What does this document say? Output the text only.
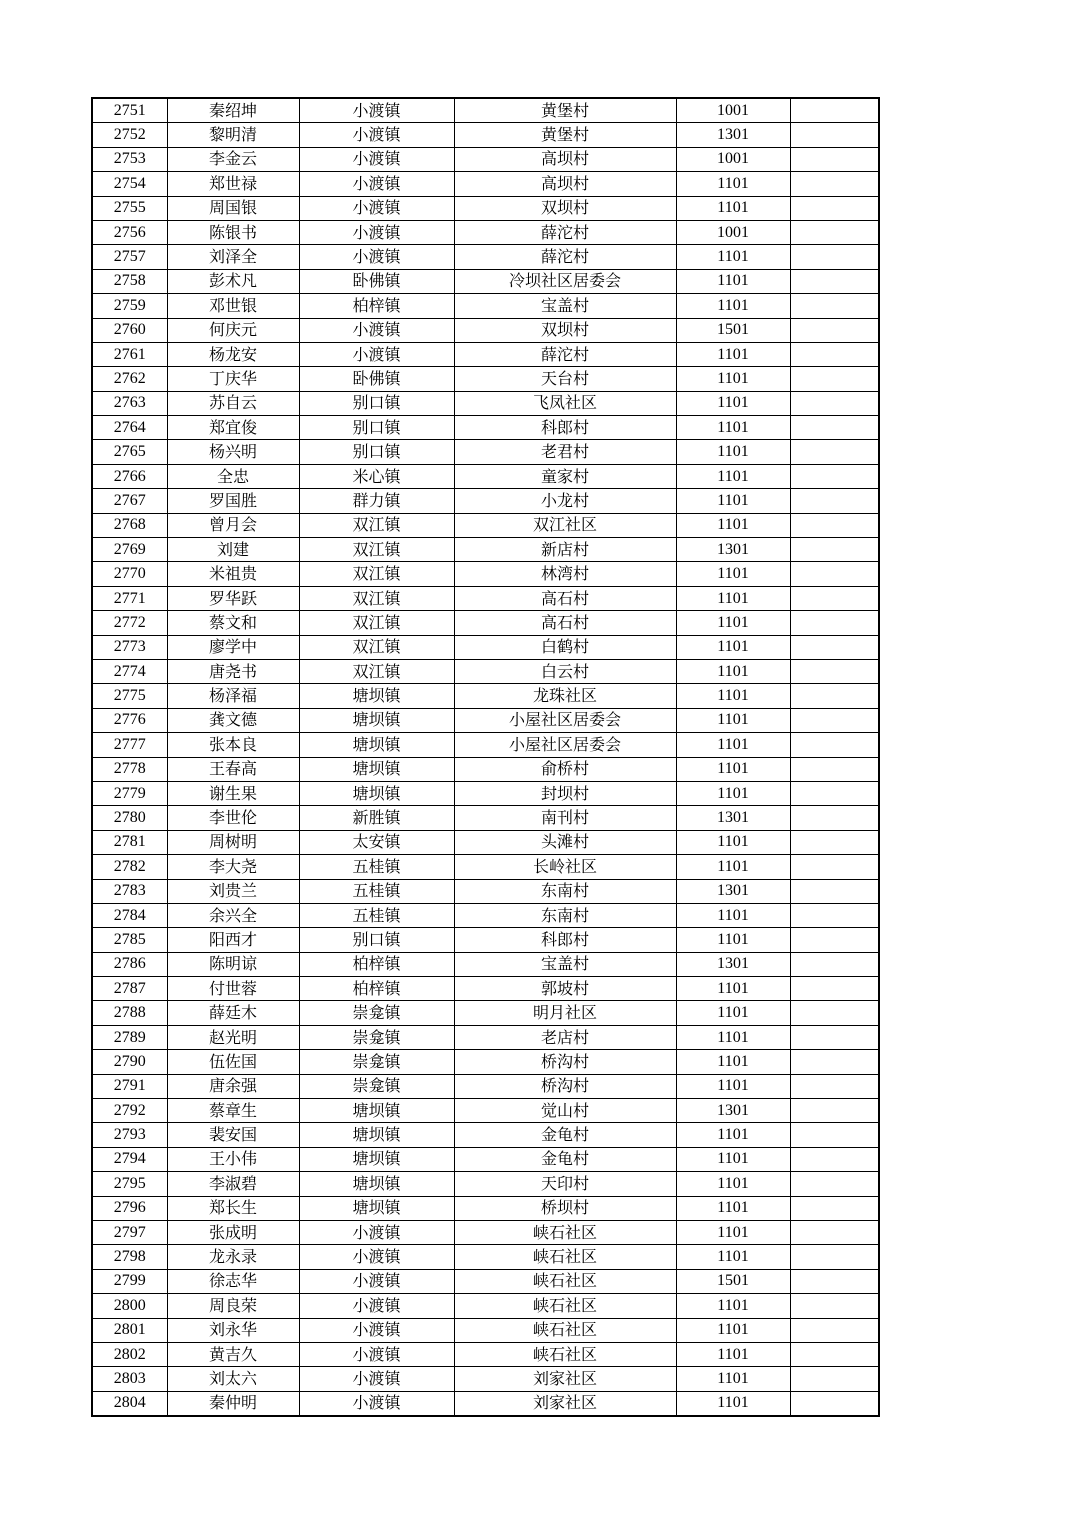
2751	秦绍坤	小渡镇	黄堡村	1001	
2752	黎明清	小渡镇	黄堡村	1301	
2753	李金云	小渡镇	高坝村	1001	
2754	郑世禄	小渡镇	高坝村	1101	
2755	周国银	小渡镇	双坝村	1101	
2756	陈银书	小渡镇	薛沱村	1001	
2757	刘泽全	小渡镇	薛沱村	1101	
2758	彭术凡	卧佛镇	冷坝社区居委会	1101	
2759	邓世银	柏梓镇	宝盖村	1101	
2760	何庆元	小渡镇	双坝村	1501	
2761	杨龙安	小渡镇	薛沱村	1101	
2762	丁庆华	卧佛镇	天台村	1101	
2763	苏自云	别口镇	飞凤社区	1101	
2764	郑宜俊	别口镇	科郎村	1101	
2765	杨兴明	别口镇	老君村	1101	
2766	全忠	米心镇	童家村	1101	
2767	罗国胜	群力镇	小龙村	1101	
2768	曾月会	双江镇	双江社区	1101	
2769	刘建	双江镇	新店村	1301	
2770	米祖贵	双江镇	林湾村	1101	
2771	罗华跃	双江镇	高石村	1101	
2772	蔡文和	双江镇	高石村	1101	
2773	廖学中	双江镇	白鹤村	1101	
2774	唐尧书	双江镇	白云村	1101	
2775	杨泽福	塘坝镇	龙珠社区	1101	
2776	龚文德	塘坝镇	小屋社区居委会	1101	
2777	张本良	塘坝镇	小屋社区居委会	1101	
2778	王春高	塘坝镇	俞桥村	1101	
2779	谢生果	塘坝镇	封坝村	1101	
2780	李世伦	新胜镇	南刊村	1301	
2781	周树明	太安镇	头滩村	1101	
2782	李大尧	五桂镇	长岭社区	1101	
2783	刘贵兰	五桂镇	东南村	1301	
2784	余兴全	五桂镇	东南村	1101	
2785	阳西才	别口镇	科郎村	1101	
2786	陈明谅	柏梓镇	宝盖村	1301	
2787	付世蓉	柏梓镇	郭坡村	1101	
2788	薛廷木	崇龛镇	明月社区	1101	
2789	赵光明	崇龛镇	老店村	1101	
2790	伍佐国	崇龛镇	桥沟村	1101	
2791	唐余强	崇龛镇	桥沟村	1101	
2792	蔡章生	塘坝镇	觉山村	1301	
2793	裴安国	塘坝镇	金龟村	1101	
2794	王小伟	塘坝镇	金龟村	1101	
2795	李淑碧	塘坝镇	天印村	1101	
2796	郑长生	塘坝镇	桥坝村	1101	
2797	张成明	小渡镇	峡石社区	1101	
2798	龙永录	小渡镇	峡石社区	1101	
2799	徐志华	小渡镇	峡石社区	1501	
2800	周良荣	小渡镇	峡石社区	1101	
2801	刘永华	小渡镇	峡石社区	1101	
2802	黄吉久	小渡镇	峡石社区	1101	
2803	刘太六	小渡镇	刘家社区	1101	
2804	秦仲明	小渡镇	刘家社区	1101	
